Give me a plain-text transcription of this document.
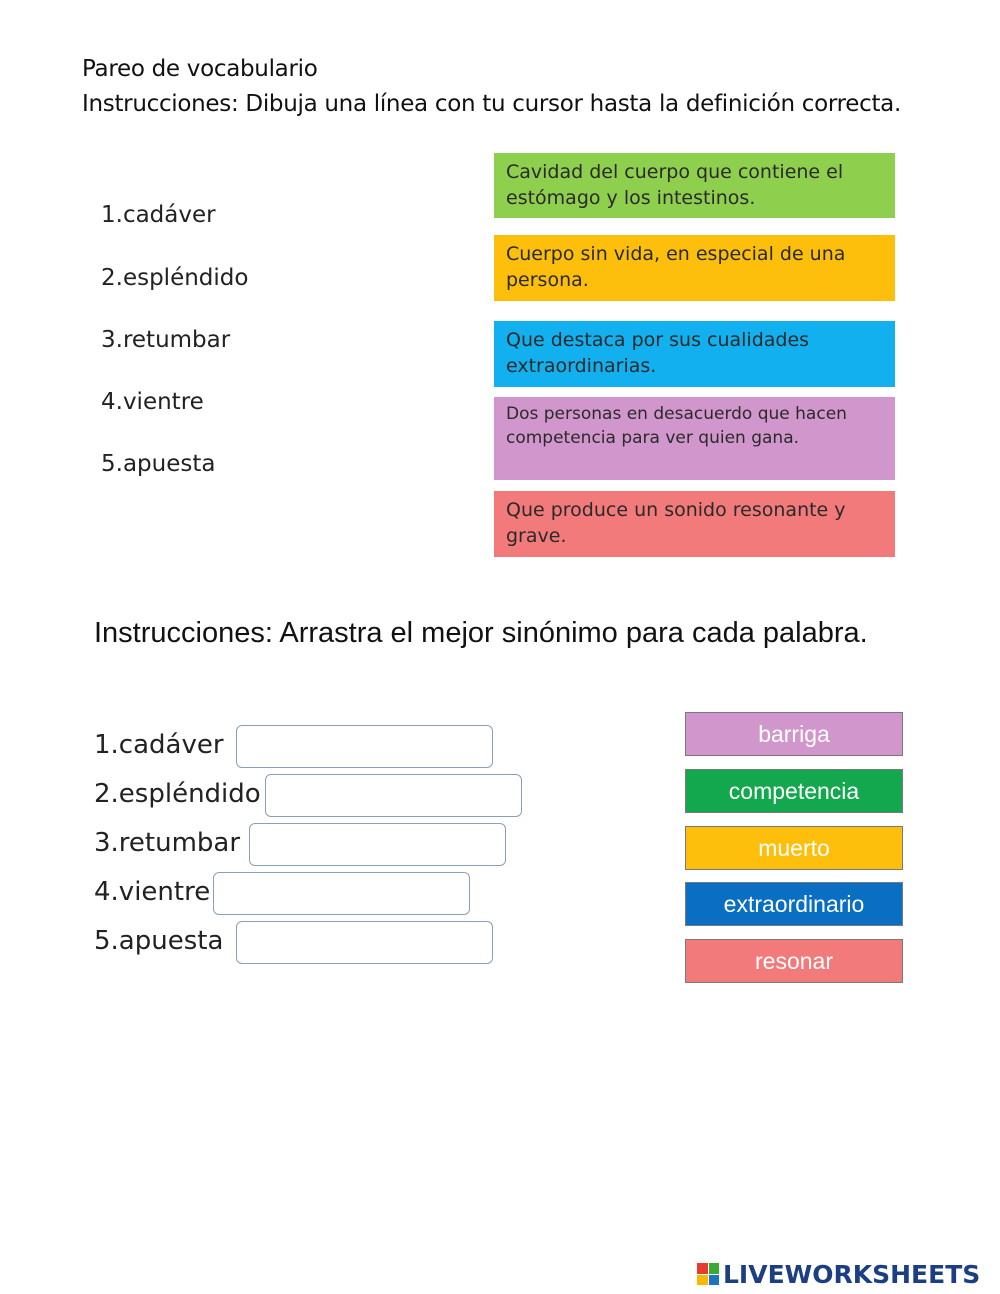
Pareo de vocabulario
Instrucciones: Dibuja una línea con tu cursor hasta la definición correcta.
1.cadáver
2.espléndido
3.retumbar
4.vientre
5.apuesta
Cavidad del cuerpo que contiene el estómago y los intestinos.
Cuerpo sin vida, en especial de una persona.
Que destaca por sus cualidades extraordinarias.
Dos personas en desacuerdo que hacen competencia para ver quien gana.
Que produce un sonido resonante y grave.
Instrucciones: Arrastra el mejor sinónimo para cada palabra.
1.cadáver
2.espléndido
3.retumbar
4.vientre
5.apuesta
barriga
competencia
muerto
extraordinario
resonar
LIVEWORKSHEETS
